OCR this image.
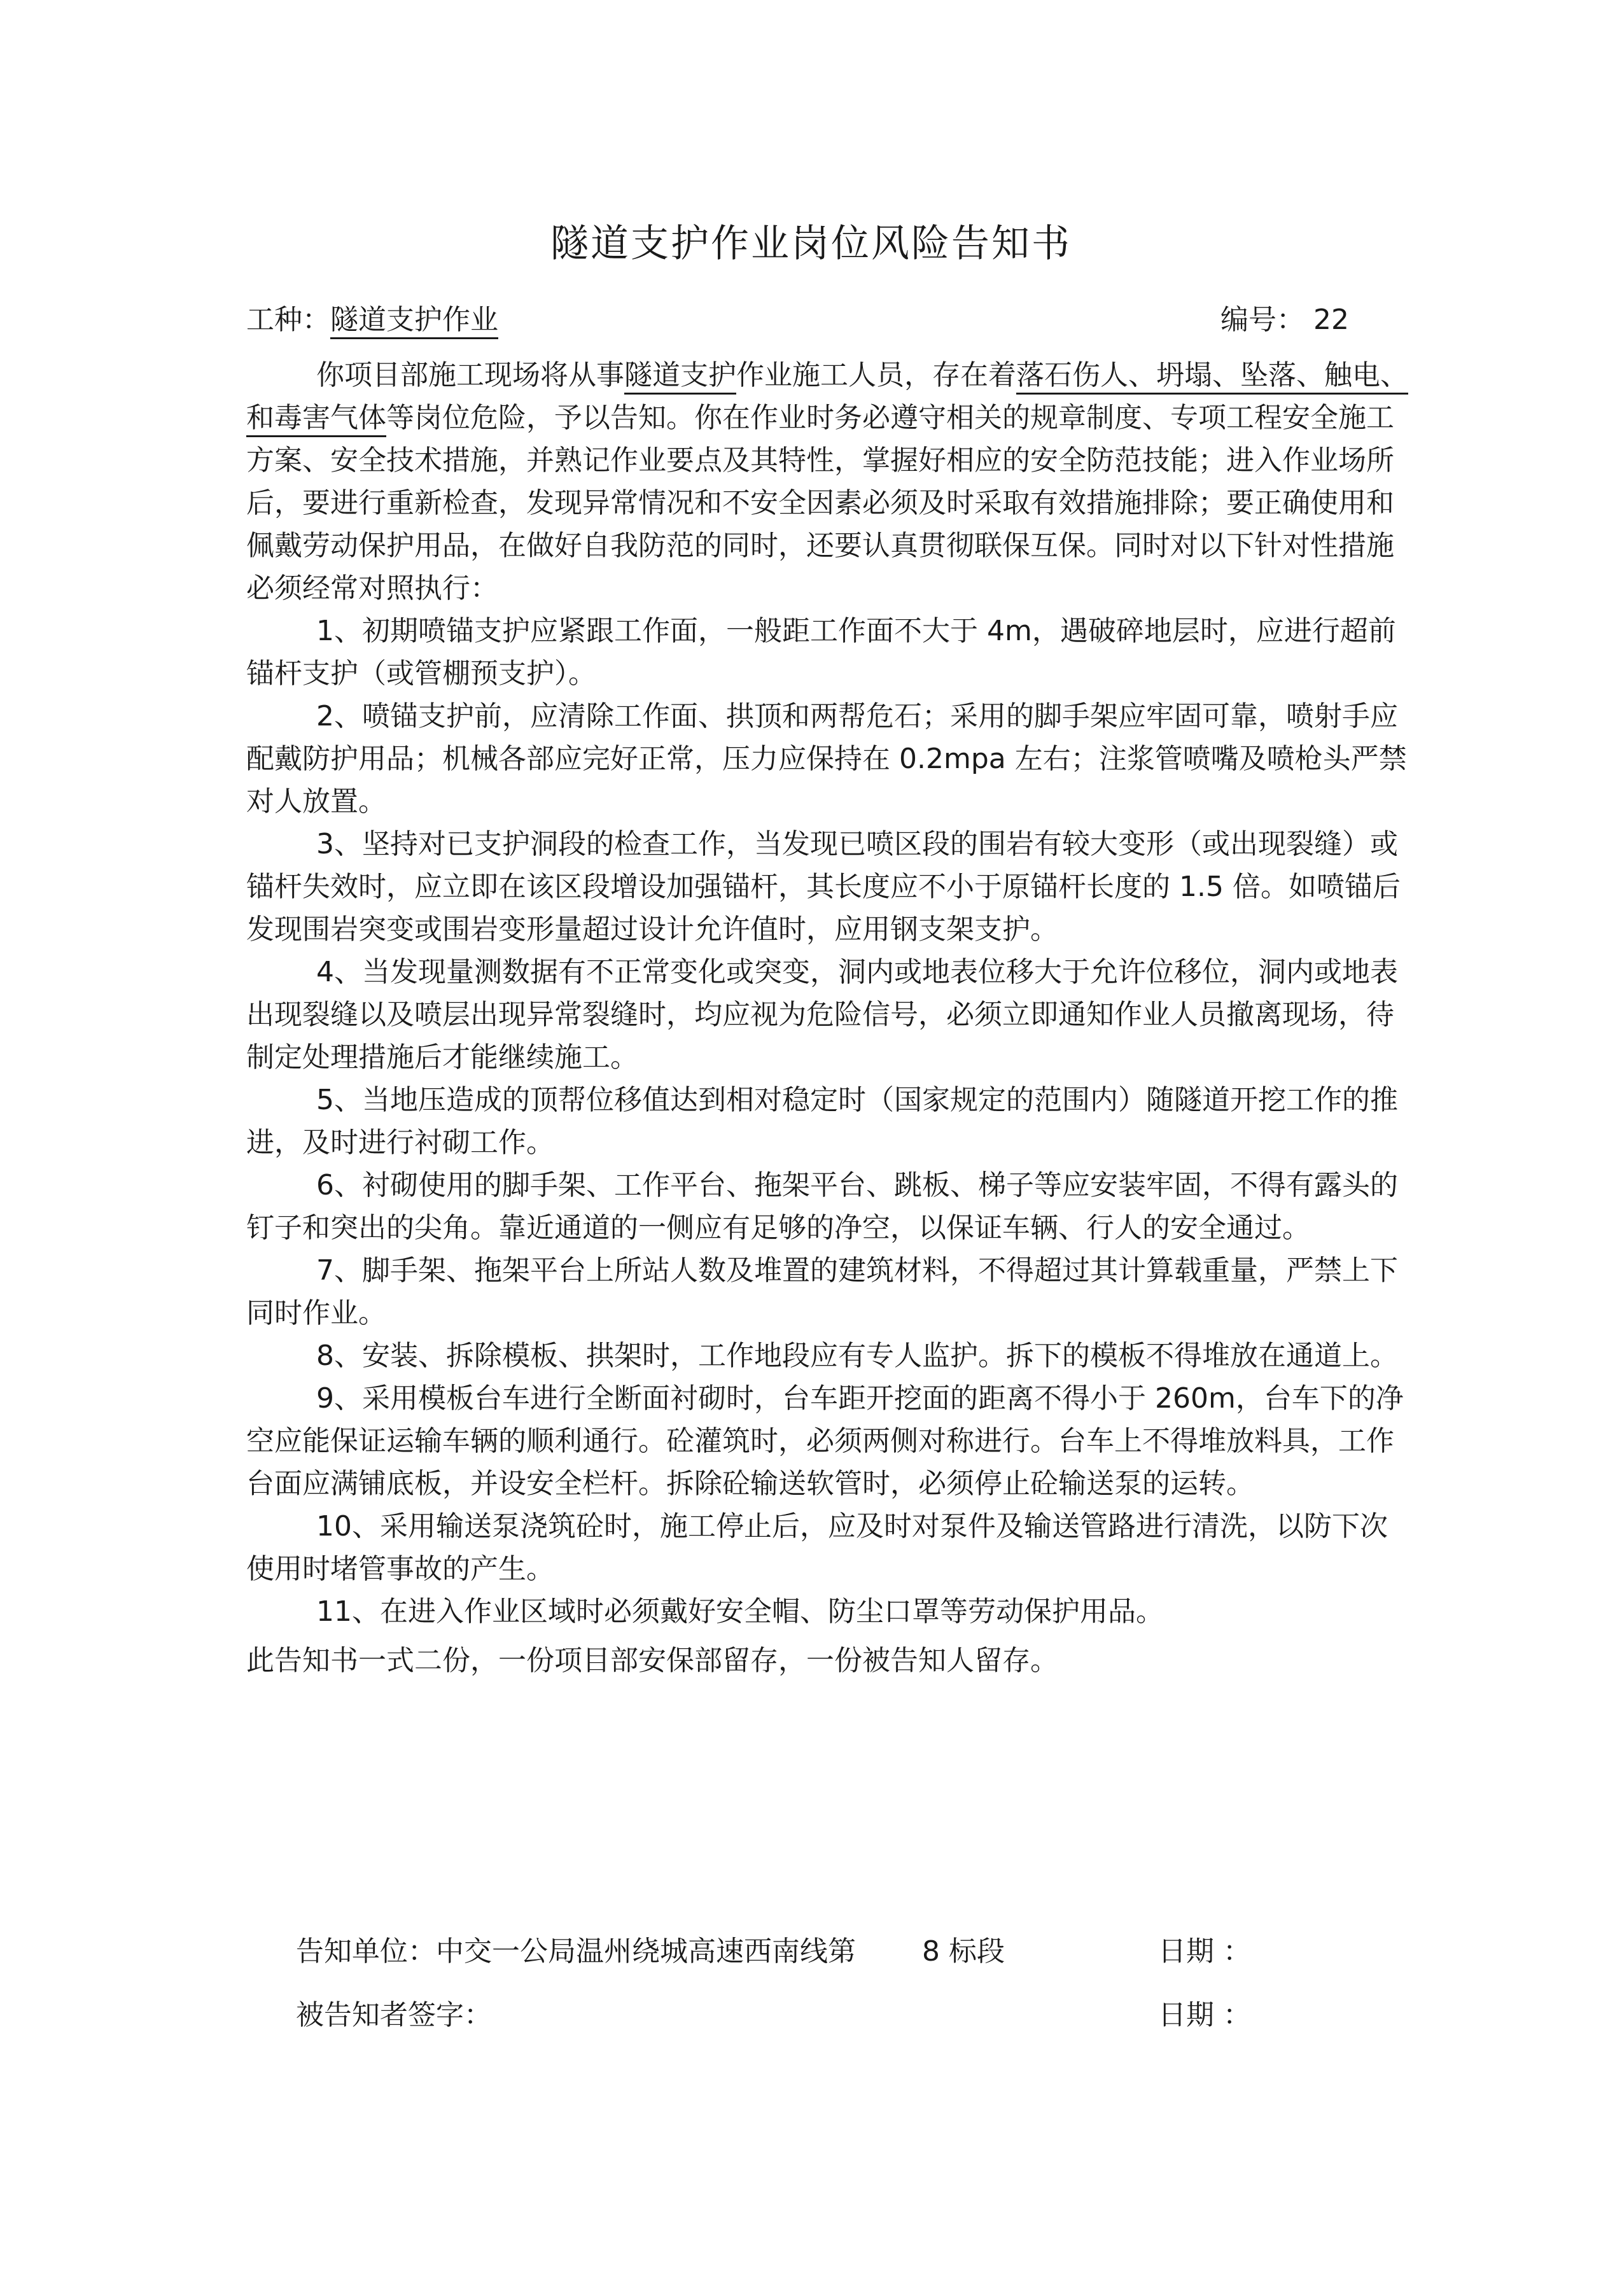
隧道支护作业岗位风险告知书
工种：隧道支护作业	编号： 22

你项目部施工现场将从事隧道支护作业施工人员，存在着落石伤人、坍塌、坠落、触电、和毒害气体等岗位危险，予以告知。你在作业时务必遵守相关的规章制度、专项工程安全施工方案、安全技术措施，并熟记作业要点及其特性，掌握好相应的安全防范技能；进入作业场所后，要进行重新检查，发现异常情况和不安全因素必须及时采取有效措施排除；要正确使用和佩戴劳动保护用品，在做好自我防范的同时，还要认真贯彻联保互保。同时对以下针对性措施必须经常对照执行：

1、初期喷锚支护应紧跟工作面，一般距工作面不大于 4m，遇破碎地层时，应进行超前锚杆支护（或管棚预支护）。

2、喷锚支护前，应清除工作面、拱顶和两帮危石；采用的脚手架应牢固可靠，喷射手应配戴防护用品；机械各部应完好正常，压力应保持在 0.2mpa 左右；注浆管喷嘴及喷枪头严禁对人放置。

3、坚持对已支护洞段的检查工作，当发现已喷区段的围岩有较大变形（或出现裂缝）或锚杆失效时，应立即在该区段增设加强锚杆，其长度应不小于原锚杆长度的 1.5 倍。如喷锚后发现围岩突变或围岩变形量超过设计允许值时，应用钢支架支护。

4、当发现量测数据有不正常变化或突变，洞内或地表位移大于允许位移位，洞内或地表出现裂缝以及喷层出现异常裂缝时，均应视为危险信号，必须立即通知作业人员撤离现场，待制定处理措施后才能继续施工。

5、当地压造成的顶帮位移值达到相对稳定时（国家规定的范围内）随隧道开挖工作的推进，及时进行衬砌工作。

6、衬砌使用的脚手架、工作平台、拖架平台、跳板、梯子等应安装牢固，不得有露头的钉子和突出的尖角。靠近通道的一侧应有足够的净空，以保证车辆、行人的安全通过。

7、脚手架、拖架平台上所站人数及堆置的建筑材料，不得超过其计算载重量，严禁上下同时作业。

8、安装、拆除模板、拱架时，工作地段应有专人监护。拆下的模板不得堆放在通道上。

9、采用模板台车进行全断面衬砌时，台车距开挖面的距离不得小于 260m，台车下的净空应能保证运输车辆的顺利通行。砼灌筑时，必须两侧对称进行。台车上不得堆放料具，工作台面应满铺底板，并设安全栏杆。拆除砼输送软管时，必须停止砼输送泵的运转。

10、采用输送泵浇筑砼时，施工停止后，应及时对泵件及输送管路进行清洗，以防下次使用时堵管事故的产生。

11、在进入作业区域时必须戴好安全帽、防尘口罩等劳动保护用品。

此告知书一式二份，一份项目部安保部留存，一份被告知人留存。

告知单位：中交一公局温州绕城高速西南线第 8 标段	日期 ：
被告知者签字：	日期 ：
